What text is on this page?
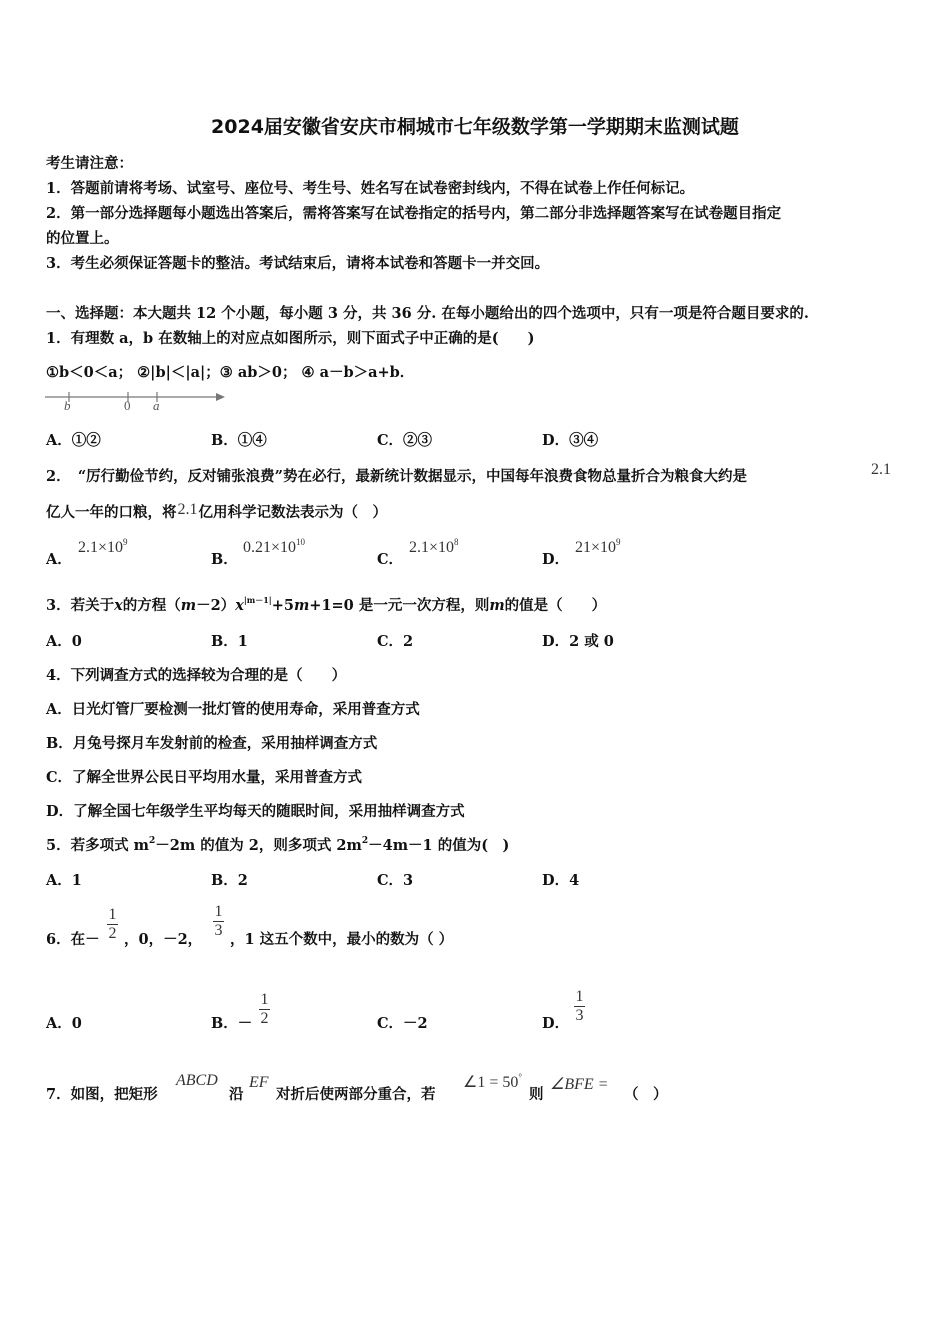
2024届安徽省安庆市桐城市七年级数学第一学期期末监测试题
考生请注意：
1．答题前请将考场、试室号、座位号、考生号、姓名写在试卷密封线内，不得在试卷上作任何标记。
2．第一部分选择题每小题选出答案后，需将答案写在试卷指定的括号内，第二部分非选择题答案写在试卷题目指定
的位置上。
3．考生必须保证答题卡的整洁。考试结束后，请将本试卷和答题卡一并交回。
一、选择题：本大题共 12 个小题，每小题 3 分，共 36 分. 在每小题给出的四个选项中，只有一项是符合题目要求的.
1．有理数 a，b 在数轴上的对应点如图所示，则下面式子中正确的是(　　)
①b＜0＜a； ②|b|＜|a|；③ ab＞0； ④ a－b＞a+b．
b	0 a
A．①②	B．①④	C．②③	D．③④
2．　“厉行勤俭节约，反对铺张浪费”势在必行，最新统计数据显示，中国每年浪费食物总量折合为粮食大约是	2.1
亿人一年的口粮，将2.1亿用科学记数法表示为（　）
A．
$2.1\times 10^9$
B．
$0.21\times 10^{10}$
C．
$2.1\times 10^8$
D．
$21\times 10^9$
3．若关于x的方程$(m-2)x^{|m-1|}+5m+1=0$ 是一元一次方程，则m的值是（　　）
A．0	B．1	C．2	D．2 或 0
4．下列调查方式的选择较为合理的是（　　）
A．日光灯管厂要检测一批灯管的使用寿命，采用普查方式
B．月兔号探月车发射前的检查，采用抽样调查方式
C．了解全世界公民日平均用水量，采用普查方式
D．了解全国七年级学生平均每天的随眠时间，采用抽样调查方式
5．若多项式 $m^2-2m$ 的值为 2，则多项式 $2m^2-4m-1$ 的值为(　)
A．1	B．2	C．3	D．4
6．在－
1
2 ，0，－2，
1
3
，1 这五个数中，最小的数为（ ）
A．0	B．－
1
2	C．－2	D．
1
3
7．如图，把矩形
ABCD
沿
EF
对折后使两部分重合，若
∠1 = 50°
则
∠BFE =
（　）
